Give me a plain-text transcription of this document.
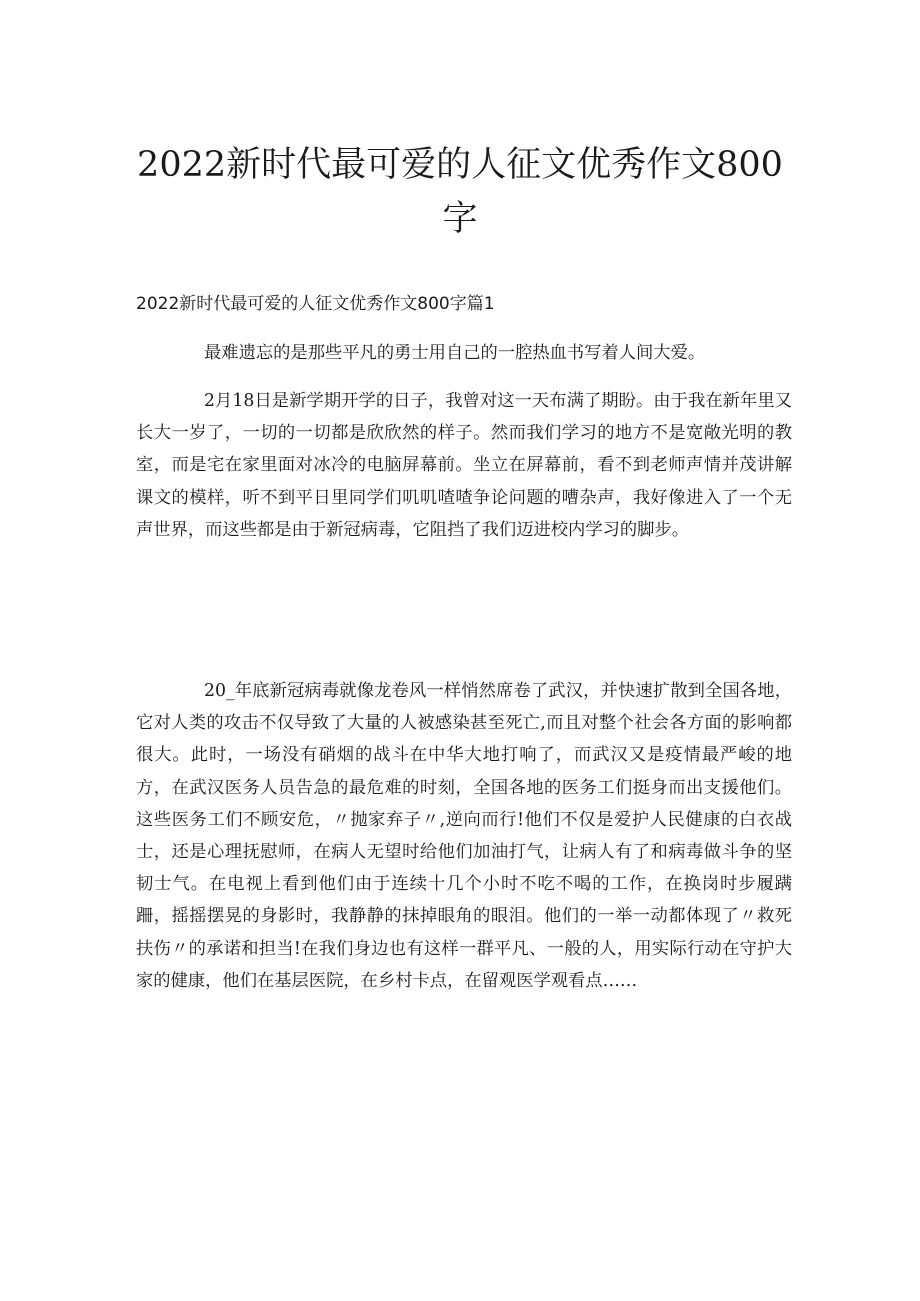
2022新时代最可爱的人征文优秀作文800
字
2022新时代最可爱的人征文优秀作文800字篇1

最难遗忘的是那些平凡的勇士用自己的一腔热血书写着人间大爱。

2月18日是新学期开学的日子，我曾对这一天布满了期盼。由于我在新年里又长大一岁了，一切的一切都是欣欣然的样子。然而我们学习的地方不是宽敞光明的教室，而是宅在家里面对冰冷的电脑屏幕前。坐立在屏幕前，看不到老师声情并茂讲解课文的模样，听不到平日里同学们叽叽喳喳争论问题的嘈杂声，我好像进入了一个无声世界，而这些都是由于新冠病毒，它阻挡了我们迈进校内学习的脚步。

20_年底新冠病毒就像龙卷风一样悄然席卷了武汉，并快速扩散到全国各地，它对人类的攻击不仅导致了大量的人被感染甚至死亡,而且对整个社会各方面的影响都很大。此时，一场没有硝烟的战斗在中华大地打响了，而武汉又是疫情最严峻的地方，在武汉医务人员告急的最危难的时刻，全国各地的医务工们挺身而出支援他们。这些医务工们不顾安危，〃抛家弃子〃,逆向而行!他们不仅是爱护人民健康的白衣战士，还是心理抚慰师，在病人无望时给他们加油打气，让病人有了和病毒做斗争的坚韧士气。在电视上看到他们由于连续十几个小时不吃不喝的工作，在换岗时步履蹒跚，摇摇摆晃的身影时，我静静的抹掉眼角的眼泪。他们的一举一动都体现了〃救死扶伤〃的承诺和担当!在我们身边也有这样一群平凡、一般的人，用实际行动在守护大家的健康，他们在基层医院，在乡村卡点，在留观医学观看点……
